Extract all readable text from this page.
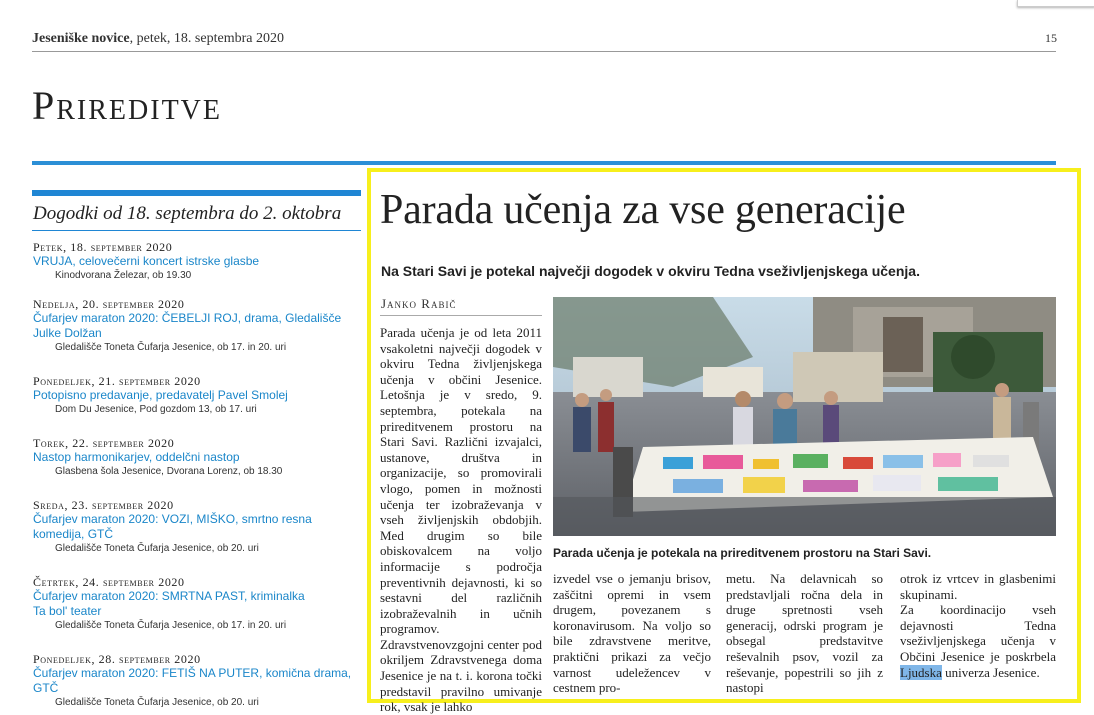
Jeseniške novice, petek, 18. septembra 2020	15
Prireditve
Dogodki od 18. septembra do 2. oktobra
Petek, 18. september 2020
VRUJA, celovečerni koncert istrske glasbe
Kinodvorana Železar, ob 19.30
Nedelja, 20. september 2020
Čufarjev maraton 2020: ČEBELJI ROJ, drama, Gledališče Julke Dolžan
Gledališče Toneta Čufarja Jesenice, ob 17. in 20. uri
Ponedeljek, 21. september 2020
Potopisno predavanje, predavatelj Pavel Smolej
Dom Du Jesenice, Pod gozdom 13, ob 17. uri
Torek, 22. september 2020
Nastop harmonikarjev, oddelčni nastop
Glasbena šola Jesenice, Dvorana Lorenz, ob 18.30
Sreda, 23. september 2020
Čufarjev maraton 2020: VOZI, MIŠKO, smrtno resna komedija, GTČ
Gledališče Toneta Čufarja Jesenice, ob 20. uri
Četrtek, 24. september 2020
Čufarjev maraton 2020: SMRTNA PAST, kriminalka Ta bol' teater
Gledališče Toneta Čufarja Jesenice, ob 17. in 20. uri
Ponedeljek, 28. september 2020
Čufarjev maraton 2020: FETIŠ NA PUTER, komična drama, GTČ
Gledališče Toneta Čufarja Jesenice, ob 20. uri
Parada učenja za vse generacije
Na Stari Savi je potekal največji dogodek v okviru Tedna vseživljenjskega učenja.
Janko Rabič
Parada učenja je od leta 2011 vsakoletni največji dogodek v okviru Tedna življenjskega učenja v občini Jesenice. Letošnja je v sredo, 9. septembra, potekala na prireditvenem prostoru na Stari Savi. Različni izvajalci, ustanove, društva in organizacije, so promovirali vlogo, pomen in možnosti učenja ter izobraževanja v vseh življenjskih obdobjih. Med drugim so bile obiskovalcem na voljo informacije s področja preventivnih dejavnosti, ki so sestavni del različnih izobraževalnih in učnih programov. Zdravstvenovzgojni center pod okriljem Zdravstvenega doma Jesenice je na t. i. korona točki predstavil pravilno umivanje rok, vsak je lahko
Parada učenja je potekala na prireditvenem prostoru na Stari Savi.
izvedel vse o jemanju brisov, zaščitni opremi in vsem drugem, povezanem s koronavirusom. Na voljo so bile zdravstvene meritve, praktični prikazi za večjo varnost udeležencev v cestnem pro-
metu. Na delavnicah so predstavljali ročna dela in druge spretnosti vseh generacij, odrski program je obsegal predstavitve reševalnih psov, vozil za reševanje, popestrili so jih z nastopi
otrok iz vrtcev in glasbenimi skupinami.
Za koordinacijo vseh dejavnosti Tedna vseživljenjskega učenja v Občini Jesenice je poskrbela Ljudska univerza Jesenice.
